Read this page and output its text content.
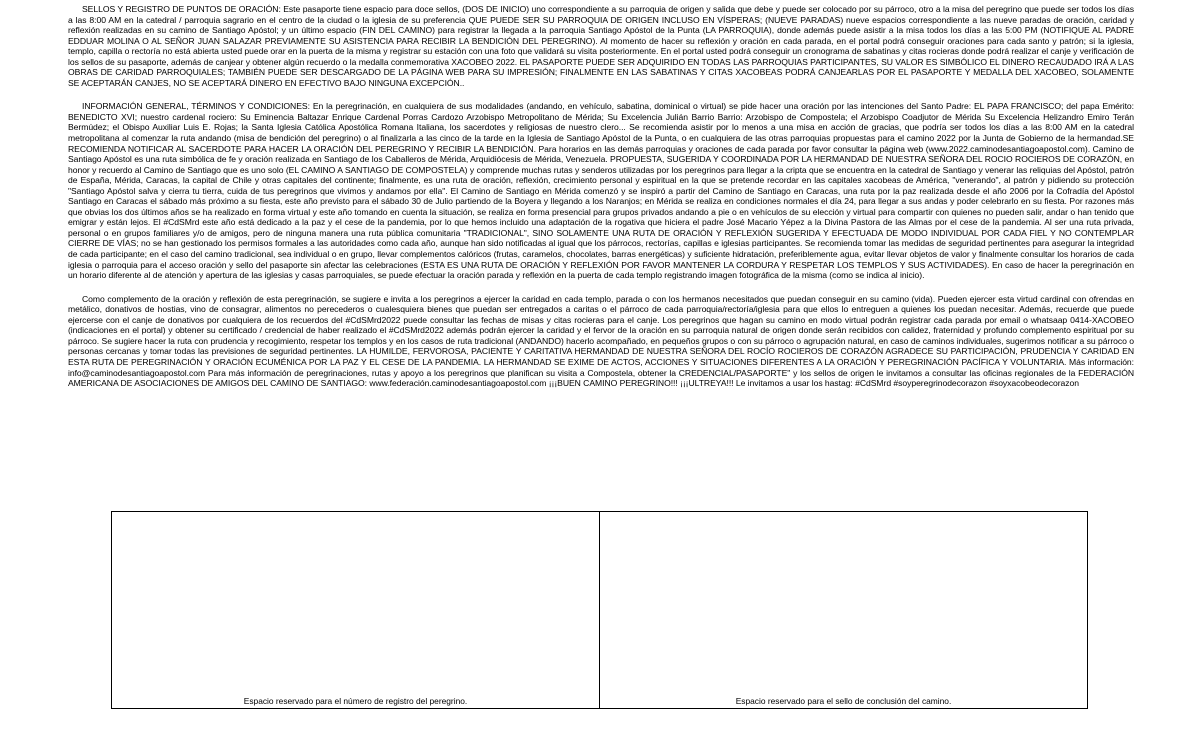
SELLOS Y REGISTRO DE PUNTOS DE ORACIÓN: Este pasaporte tiene espacio para doce sellos, (DOS DE INICIO) uno correspondiente a su parroquia de origen y salida que debe y puede ser colocado por su párroco, otro a la misa del peregrino que puede ser todos los días a las 8:00 AM en la catedral / parroquia sagrario en el centro de la ciudad o la iglesia de su preferencia QUE PUEDE SER SU PARROQUIA DE ORIGEN INCLUSO EN VÍSPERAS; (NUEVE PARADAS) nueve espacios correspondiente a las nueve paradas de oración, caridad y reflexión realizadas en su camino de Santiago Apóstol; y un último espacio (FIN DEL CAMINO) para registrar la llegada a la parroquia Santiago Apóstol de la Punta (LA PARROQUIA), donde además puede asistir a la misa todos los días a las 5:00 PM (NOTIFIQUE AL PADRE EDDUAR MOLINA O AL SEÑOR JUAN SALAZAR PREVIAMENTE SU ASISTENCIA PARA RECIBIR LA BENDICIÓN DEL PEREGRINO). Al momento de hacer su reflexión y oración en cada parada, en el portal podrá conseguir oraciones para cada santo y patrón; si la iglesia, templo, capilla o rectoría no está abierta usted puede orar en la puerta de la misma y registrar su estación con una foto que validará su visita posteriormente. En el portal usted podrá conseguir un cronograma de sabatinas y citas rocieras donde podrá realizar el canje y verificación de los sellos de su pasaporte, además de canjear y obtener algún recuerdo o la medalla conmemorativa XACOBEO 2022. EL PASAPORTE PUEDE SER ADQUIRIDO EN TODAS LAS PARROQUIAS PARTICIPANTES, SU VALOR ES SIMBÓLICO EL DINERO RECAUDADO IRÁ A LAS OBRAS DE CARIDAD PARROQUIALES; TAMBIÉN PUEDE SER DESCARGADO DE LA PÁGINA WEB PARA SU IMPRESIÓN; FINALMENTE EN LAS SABATINAS Y CITAS XACOBEAS PODRÁ CANJEARLAS POR EL PASAPORTE Y MEDALLA DEL XACOBEO, SOLAMENTE SE ACEPTARÁN CANJES, NO SE ACEPTARÁ DINERO EN EFECTIVO BAJO NINGUNA EXCEPCIÓN..

INFORMACIÓN GENERAL, TÉRMINOS Y CONDICIONES: En la peregrinación, en cualquiera de sus modalidades (andando, en vehículo, sabatina, dominical o virtual) se pide hacer una oración por las intenciones del Santo Padre: EL PAPA FRANCISCO; del papa Emérito: BENEDICTO XVI; nuestro cardenal rociero: Su Eminencia Baltazar Enrique Cardenal Porras Cardozo Arzobispo Metropolitano de Mérida; Su Excelencia Julián Barrio Barrio: Arzobispo de Compostela; el Arzobispo Coadjutor de Mérida Su Excelencia Helizandro Emiro Terán Bermúdez; el Obispo Auxiliar Luis E. Rojas; la Santa Iglesia Católica Apostólica Romana Italiana, los sacerdotes y religiosas de nuestro clero... Se recomienda asistir por lo menos a una misa en acción de gracias, que podría ser todos los días a las 8:00 AM en la catedral metropolitana al comenzar la ruta andando (misa de bendición del peregrino) o al finalizarla a las cinco de la tarde en la Iglesia de Santiago Apóstol de la Punta, o en cualquiera de las otras parroquias propuestas para el camino 2022 por la Junta de Gobierno de la hermandad.SE RECOMIENDA NOTIFICAR AL SACERDOTE PARA HACER LA ORACIÓN DEL PEREGRINO Y RECIBIR LA BENDICIÓN. Para horarios en las demás parroquias y oraciones de cada parada por favor consultar la página web (www.2022.caminodesantiagoapostol.com). Camino de Santiago Apóstol es una ruta simbólica de fe y oración realizada en Santiago de los Caballeros de Mérida, Arquidiócesis de Mérida, Venezuela. PROPUESTA, SUGERIDA Y COORDINADA POR LA HERMANDAD DE NUESTRA SEÑORA DEL ROCIO ROCIEROS DE CORAZÓN, en honor y recuerdo al Camino de Santiago que es uno solo (EL CAMINO A SANTIAGO DE COMPOSTELA) y comprende muchas rutas y senderos utilizadas por los peregrinos para llegar a la cripta que se encuentra en la catedral de Santiago y venerar las reliquias del Apóstol, patrón de España, Mérida, Caracas, la capital de Chile y otras capitales del continente; finalmente, es una ruta de oración, reflexión, crecimiento personal y espiritual en la que se pretende recordar en las capitales xacobeas de América, "venerando", al patrón y pidiendo su protección "Santiago Apóstol salva y cierra tu tierra, cuida de tus peregrinos que vivimos y andamos por ella". El Camino de Santiago en Mérida comenzó y se inspiró a partir del Camino de Santiago en Caracas, una ruta por la paz realizada desde el año 2006 por la Cofradía del Apóstol Santiago en Caracas el sábado más próximo a su fiesta, este año previsto para el sábado 30 de Julio partiendo de la Boyera y llegando a los Naranjos; en Mérida se realiza en condiciones normales el día 24, para llegar a sus andas y poder celebrarlo en su fiesta. Por razones más que obvias los dos últimos años se ha realizado en forma virtual y este año tomando en cuenta la situación, se realiza en forma presencial para grupos privados andando a pie o en vehículos de su elección y virtual para compartir con quienes no pueden salir, andar o han tenido que emigrar y están lejos. El #CdSMrd este año está dedicado a la paz y el cese de la pandemia, por lo que hemos incluido una adaptación de la rogativa que hiciera el padre José Macario Yépez a la Divina Pastora de las Almas por el cese de la pandemia. Al ser una ruta privada, personal o en grupos familiares y/o de amigos, pero de ninguna manera una ruta pública comunitaria "TRADICIONAL", SINO SOLAMENTE UNA RUTA DE ORACIÓN Y REFLEXIÓN SUGERIDA Y EFECTUADA DE MODO INDIVIDUAL POR CADA FIEL Y NO CONTEMPLAR CIERRE DE VÍAS; no se han gestionado los permisos formales a las autoridades como cada año, aunque han sido notificadas al igual que los párrocos, rectorías, capillas e iglesias participantes. Se recomienda tomar las medidas de seguridad pertinentes para asegurar la integridad de cada participante; en el caso del camino tradicional, sea individual o en grupo, llevar complementos calóricos (frutas, caramelos, chocolates, barras energéticas) y suficiente hidratación, preferiblemente agua, evitar llevar objetos de valor y finalmente consultar los horarios de cada iglesia o parroquia para el acceso oración y sello del pasaporte sin afectar las celebraciones (ESTA ES UNA RUTA DE ORACIÓN Y REFLEXIÓN POR FAVOR MANTENER LA CORDURA Y RESPETAR LOS TEMPLOS Y SUS ACTIVIDADES). En caso de hacer la peregrinación en un horario diferente al de atención y apertura de las iglesias y casas parroquiales, se puede efectuar la oración parada y reflexión en la puerta de cada templo registrando imagen fotográfica de la misma (como se indica al inicio).

Como complemento de la oración y reflexión de esta peregrinación, se sugiere e invita a los peregrinos a ejercer la caridad en cada templo, parada o con los hermanos necesitados que puedan conseguir en su camino (vida). Pueden ejercer esta virtud cardinal con ofrendas en metálico, donativos de hostias, vino de consagrar, alimentos no perecederos o cualesquiera bienes que puedan ser entregados a caritas o el párroco de cada parroquia/rectoría/iglesia para que ellos lo entreguen a quienes los puedan necesitar. Además, recuerde que puede ejercerse con el canje de donativos por cualquiera de los recuerdos del #CdSMrd2022 puede consultar las fechas de misas y citas rocieras para el canje. Los peregrinos que hagan su camino en modo virtual podrán registrar cada parada por email o whatsaap 0414-XACOBEO (indicaciones en el portal) y obtener su certificado / credencial de haber realizado el #CdSMrd2022 además podrán ejercer la caridad y el fervor de la oración en su parroquia natural de origen donde serán recibidos con calidez, fraternidad y profundo complemento espiritual por su párroco. Se sugiere hacer la ruta con prudencia y recogimiento, respetar los templos y en los casos de ruta tradicional (ANDANDO) hacerlo acompañado, en pequeños grupos o con su párroco o agrupación natural, en caso de caminos individuales, sugerimos notificar a su párroco o personas cercanas y tomar todas las previsiones de seguridad pertinentes. LA HUMILDE, FERVOROSA, PACIENTE Y CARITATIVA HERMANDAD DE NUESTRA SEÑORA DEL ROCÍO ROCIEROS DE CORAZÓN AGRADECE SU PARTICIPACIÓN, PRUDENCIA Y CARIDAD EN ESTA RUTA DE PEREGRINACIÓN Y ORACIÓN ECUMÉNICA POR LA PAZ Y EL CESE DE LA PANDEMIA. LA HERMANDAD SE EXIME DE ACTOS, ACCIONES Y SITUACIONES DIFERENTES A LA ORACIÓN Y PEREGRINACIÓN PACÍFICA Y VOLUNTARIA. Más información: info@caminodesantiagoapostol.com Para más información de peregrinaciones, rutas y apoyo a los peregrinos que planifican su visita a Compostela, obtener la CREDENCIAL/PASAPORTE" y los sellos de origen le invitamos a consultar las oficinas regionales de la FEDERACIÓN AMERICANA DE ASOCIACIONES DE AMIGOS DEL CAMINO DE SANTIAGO: www.federación.caminodesantiagoapostol.com ¡¡¡BUEN CAMINO PEREGRINO!!! ¡¡¡ULTREYA!!! Le invitamos a usar los hastag: #CdSMrd #soyperegrinodecorazon #soyxacobeodecorazon

Espacio reservado para el número de registro del peregrino.	Espacio reservado para el sello de conclusión del camino.
